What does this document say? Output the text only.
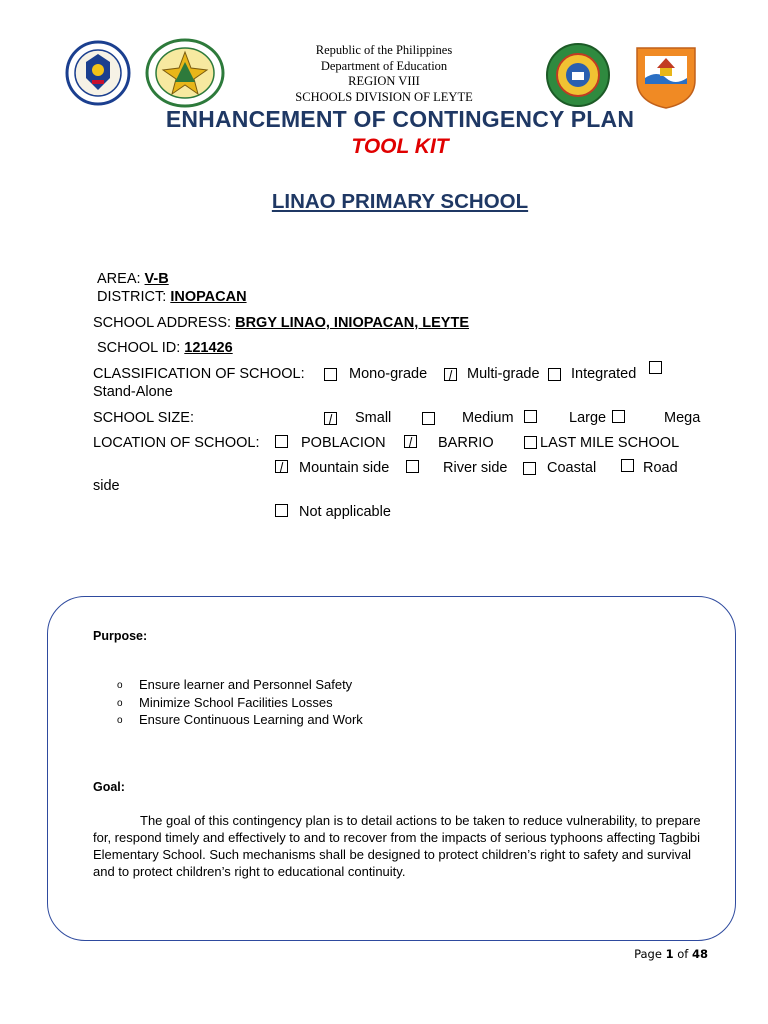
Republic of the Philippines
Department of Education
REGION VIII
SCHOOLS DIVISION OF LEYTE
ENHANCEMENT OF CONTINGENCY PLAN
TOOL KIT
LINAO PRIMARY SCHOOL
AREA: V-B
DISTRICT: INOPACAN
SCHOOL ADDRESS: BRGY LINAO, INIOPACAN, LEYTE
SCHOOL ID: 121426
CLASSIFICATION OF SCHOOL:	Mono-grade	Multi-grade Integrated
Stand-Alone
SCHOOL SIZE:	Small	Medium	Large	Mega
LOCATION OF SCHOOL:	POBLACION	BARRIO	LAST MILE SCHOOL
Mountain side	River side	Coastal	Road
side
Not applicable
Purpose:
o Ensure learner and Personnel Safety
o Minimize School Facilities Losses
o Ensure Continuous Learning and Work
Goal:
The goal of this contingency plan is to detail actions to be taken to reduce vulnerability, to prepare for, respond timely and effectively to and to recover from the impacts of serious typhoons affecting Tagbibi Elementary School. Such mechanisms shall be designed to protect children’s right to safety and survival and to protect children’s right to educational continuity.
Page 1 of 48
